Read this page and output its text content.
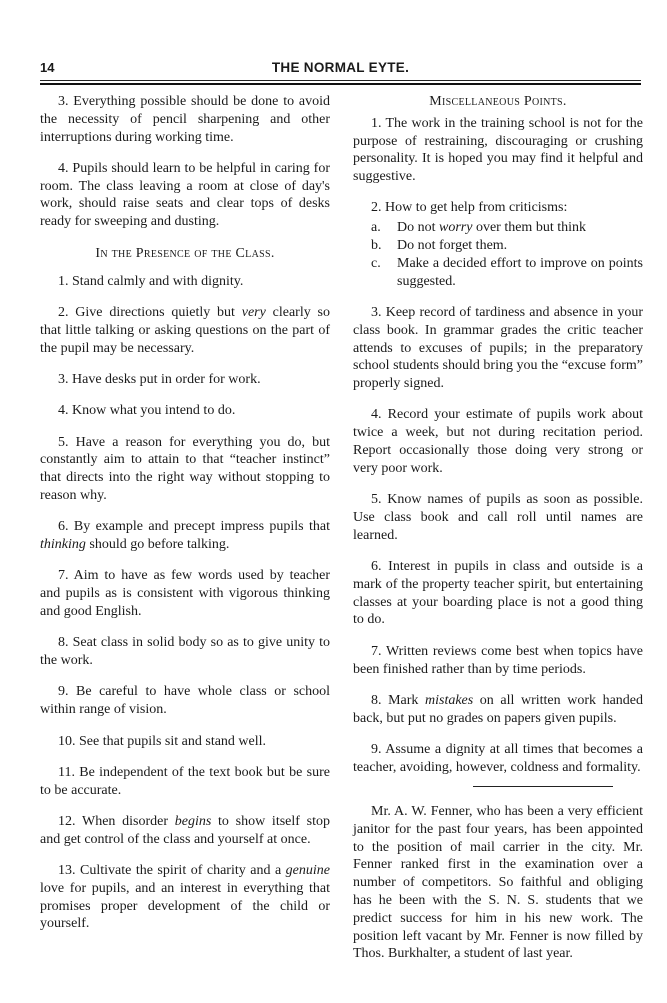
14	THE NORMAL EYTE.

3. Everything possible should be done to avoid the necessity of pencil sharpening and other interruptions during working time.

4. Pupils should learn to be helpful in caring for room. The class leaving a room at close of day's work, should raise seats and clear tops of desks ready for sweeping and dusting.

In the Presence of the Class.

1. Stand calmly and with dignity.

2. Give directions quietly but very clearly so that little talking or asking questions on the part of the pupil may be necessary.

3. Have desks put in order for work.

4. Know what you intend to do.

5. Have a reason for everything you do, but constantly aim to attain to that “teacher instinct” that directs into the right way without stopping to reason why.

6. By example and precept impress pupils that thinking should go before talking.

7. Aim to have as few words used by teacher and pupils as is consistent with vigorous thinking and good English.

8. Seat class in solid body so as to give unity to the work.

9. Be careful to have whole class or school within range of vision.

10. See that pupils sit and stand well.

11. Be independent of the text book but be sure to be accurate.

12. When disorder begins to show itself stop and get control of the class and yourself at once.

13. Cultivate the spirit of charity and a genuine love for pupils, and an interest in everything that promises proper development of the child or yourself.

Miscellaneous Points.

1. The work in the training school is not for the purpose of restraining, discouraging or crushing personality. It is hoped you may find it helpful and suggestive.

2. How to get help from criticisms:

a. Do not worry over them but think

b. Do not forget them.

c. Make a decided effort to improve on points suggested.

3. Keep record of tardiness and absence in your class book. In grammar grades the critic teacher attends to excuses of pupils; in the preparatory school students should bring you the “excuse form” properly signed.

4. Record your estimate of pupils work about twice a week, but not during recitation period. Report occasionally those doing very strong or very poor work.

5. Know names of pupils as soon as possible. Use class book and call roll until names are learned.

6. Interest in pupils in class and outside is a mark of the property teacher spirit, but entertaining classes at your boarding place is not a good thing to do.

7. Written reviews come best when topics have been finished rather than by time periods.

8. Mark mistakes on all written work handed back, but put no grades on papers given pupils.

9. Assume a dignity at all times that becomes a teacher, avoiding, however, coldness and formality.

Mr. A. W. Fenner, who has been a very efficient janitor for the past four years, has been appointed to the position of mail carrier in the city. Mr. Fenner ranked first in the examination over a number of competitors. So faithful and obliging has he been with the S. N. S. students that we predict success for him in his new work. The position left vacant by Mr. Fenner is now filled by Thos. Burkhalter, a student of last year.
